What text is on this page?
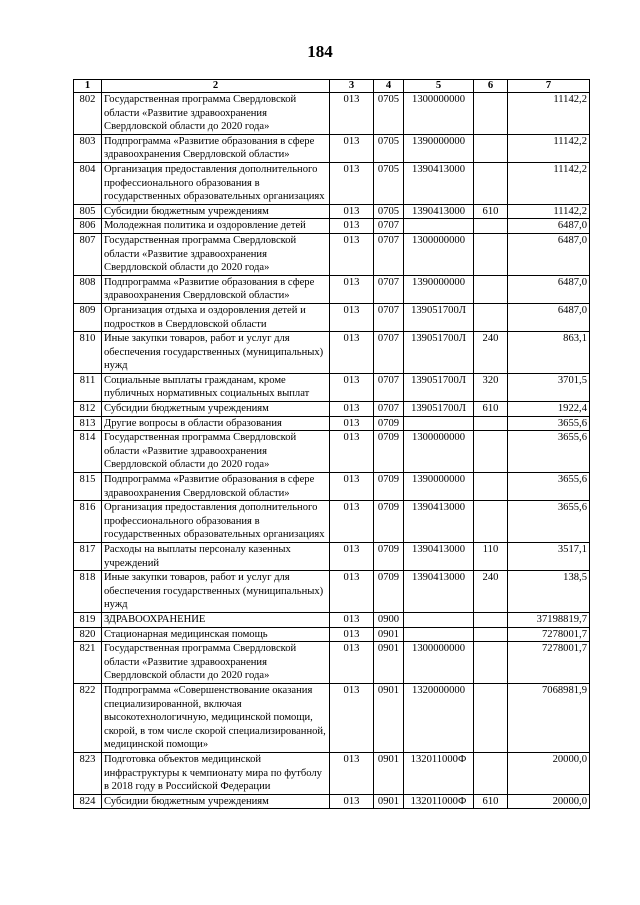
184
1	2	3	4	5	6	7
802	Государственная программа Свердловской области «Развитие здравоохранения Свердловской области до 2020 года»	013	0705	1300000000		11142,2
803	Подпрограмма «Развитие образования в сфере здравоохранения Свердловской области»	013	0705	1390000000		11142,2
804	Организация предоставления дополнительного профессионального образования в государственных образовательных организациях	013	0705	1390413000		11142,2
805	Субсидии бюджетным учреждениям	013	0705	1390413000	610	11142,2
806	Молодежная политика и оздоровление детей	013	0707			6487,0
807	Государственная программа Свердловской области «Развитие здравоохранения Свердловской области до 2020 года»	013	0707	1300000000		6487,0
808	Подпрограмма «Развитие образования в сфере здравоохранения Свердловской области»	013	0707	1390000000		6487,0
809	Организация отдыха и оздоровления детей и подростков в Свердловской области	013	0707	139051700Л		6487,0
810	Иные закупки товаров, работ и услуг для обеспечения государственных (муниципальных) нужд	013	0707	139051700Л	240	863,1
811	Социальные выплаты гражданам, кроме публичных нормативных социальных выплат	013	0707	139051700Л	320	3701,5
812	Субсидии бюджетным учреждениям	013	0707	139051700Л	610	1922,4
813	Другие вопросы в области образования	013	0709			3655,6
814	Государственная программа Свердловской области «Развитие здравоохранения Свердловской области до 2020 года»	013	0709	1300000000		3655,6
815	Подпрограмма «Развитие образования в сфере здравоохранения Свердловской области»	013	0709	1390000000		3655,6
816	Организация предоставления дополнительного профессионального образования в государственных образовательных организациях	013	0709	1390413000		3655,6
817	Расходы на выплаты персоналу казенных учреждений	013	0709	1390413000	110	3517,1
818	Иные закупки товаров, работ и услуг для обеспечения государственных (муниципальных) нужд	013	0709	1390413000	240	138,5
819	ЗДРАВООХРАНЕНИЕ	013	0900			37198819,7
820	Стационарная медицинская помощь	013	0901			7278001,7
821	Государственная программа Свердловской области «Развитие здравоохранения Свердловской области до 2020 года»	013	0901	1300000000		7278001,7
822	Подпрограмма «Совершенствование оказания специализированной, включая высокотехнологичную, медицинской помощи, скорой, в том числе скорой специализированной, медицинской помощи»	013	0901	1320000000		7068981,9
823	Подготовка объектов медицинской инфраструктуры к чемпионату мира по футболу в 2018 году в Российской Федерации	013	0901	132011000Ф		20000,0
824	Субсидии бюджетным учреждениям	013	0901	132011000Ф	610	20000,0
